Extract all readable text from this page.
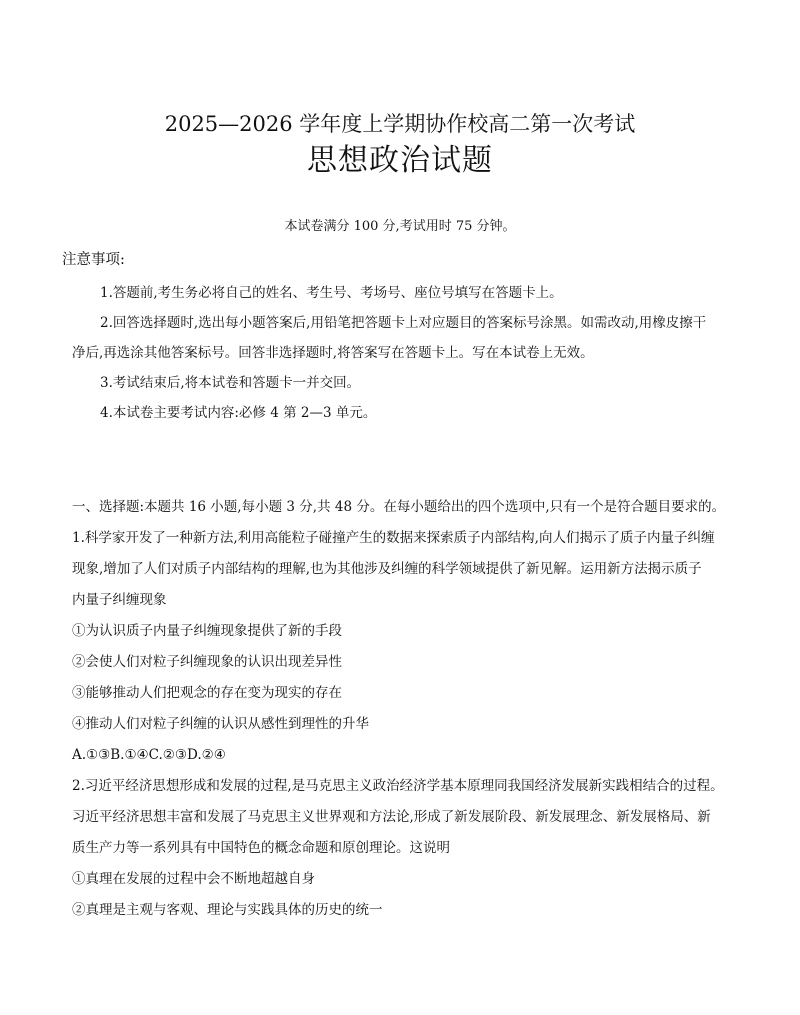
2025—2026 学年度上学期协作校高二第一次考试
思想政治试题
本试卷满分 100 分,考试用时 75 分钟。
注意事项:
1.答题前,考生务必将自己的姓名、考生号、考场号、座位号填写在答题卡上。
2.回答选择题时,选出每小题答案后,用铅笔把答题卡上对应题目的答案标号涂黑。如需改动,用橡皮擦干
净后,再选涂其他答案标号。回答非选择题时,将答案写在答题卡上。写在本试卷上无效。
3.考试结束后,将本试卷和答题卡一并交回。
4.本试卷主要考试内容:必修 4 第 2—3 单元。
一、选择题:本题共 16 小题,每小题 3 分,共 48 分。在每小题给出的四个选项中,只有一个是符合题目要求的。
1.科学家开发了一种新方法,利用高能粒子碰撞产生的数据来探索质子内部结构,向人们揭示了质子内量子纠缠
现象,增加了人们对质子内部结构的理解,也为其他涉及纠缠的科学领域提供了新见解。运用新方法揭示质子
内量子纠缠现象
①为认识质子内量子纠缠现象提供了新的手段
②会使人们对粒子纠缠现象的认识出现差异性
③能够推动人们把观念的存在变为现实的存在
④推动人们对粒子纠缠的认识从感性到理性的升华
A.①③B.①④C.②③D.②④
2.习近平经济思想形成和发展的过程,是马克思主义政治经济学基本原理同我国经济发展新实践相结合的过程。
习近平经济思想丰富和发展了马克思主义世界观和方法论,形成了新发展阶段、新发展理念、新发展格局、新
质生产力等一系列具有中国特色的概念命题和原创理论。这说明
①真理在发展的过程中会不断地超越自身
②真理是主观与客观、理论与实践具体的历史的统一
